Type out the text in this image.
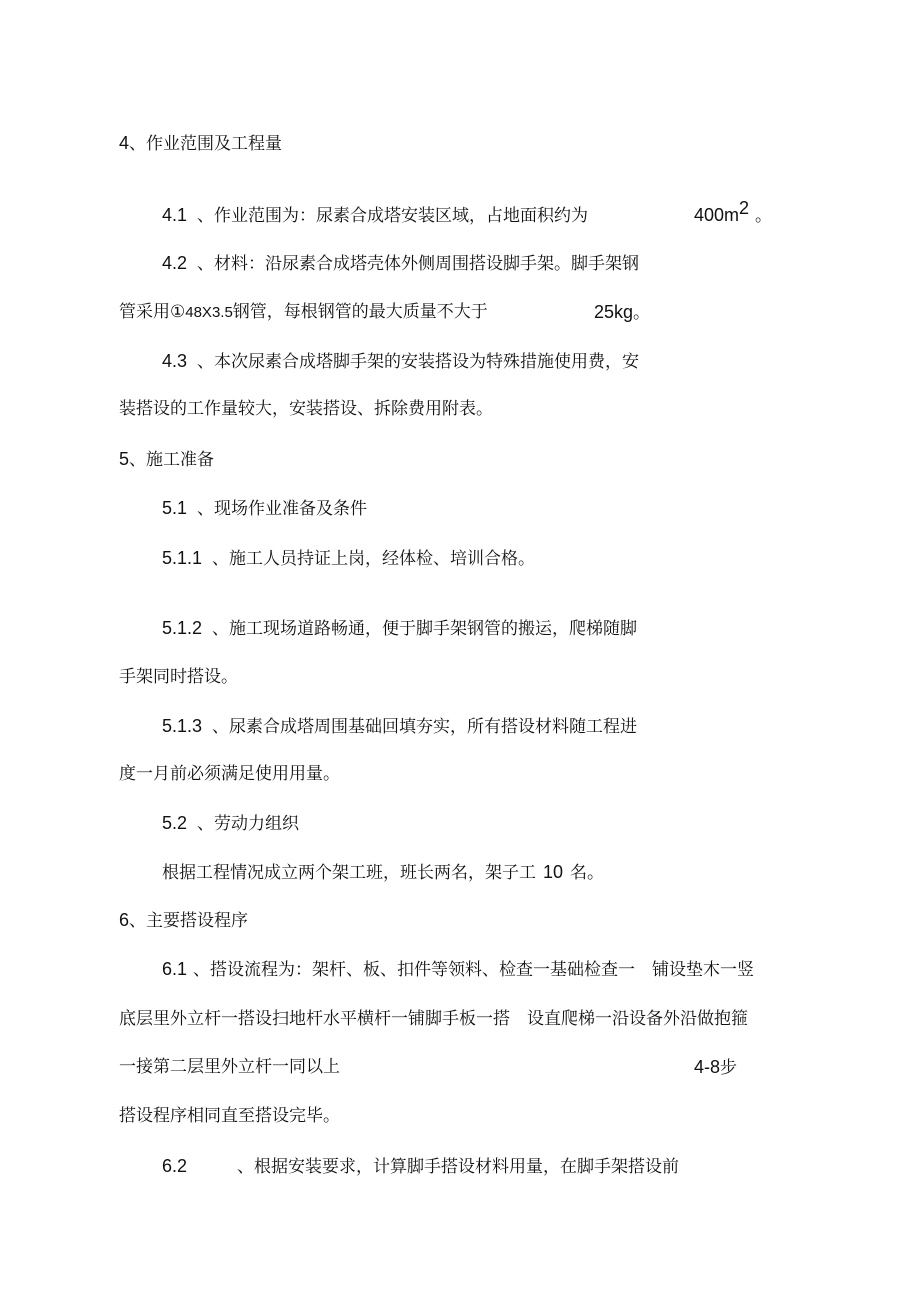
4、作业范围及工程量
4.1 、作业范围为：尿素合成塔安装区域，占地面积约为	$400m^2$ 。
4.2 、材料：沿尿素合成塔壳体外侧周围搭设脚手架。脚手架钢
管采用①48X3.5钢管，每根钢管的最大质量不大于	25kg。
4.3 、本次尿素合成塔脚手架的安装搭设为特殊措施使用费，安
装搭设的工作量较大，安装搭设、拆除费用附表。
5、施工准备
5.1 、现场作业准备及条件
5.1.1 、施工人员持证上岗，经体检、培训合格。
5.1.2 、施工现场道路畅通，便于脚手架钢管的搬运，爬梯随脚
手架同时搭设。
5.1.3 、尿素合成塔周围基础回填夯实，所有搭设材料随工程进
度一月前必须满足使用用量。
5.2 、劳动力组织
根据工程情况成立两个架工班，班长两名，架子工 10 名。
6、主要搭设程序
6.1 、搭设流程为：架杆、板、扣件等领料、检查一基础检查一 铺设垫木一竖
底层里外立杆一搭设扫地杆水平横杆一铺脚手板一搭 设直爬梯一沿设备外沿做抱箍
一接第二层里外立杆一同以上	4-8步
搭设程序相同直至搭设完毕。
6.2	、根据安装要求，计算脚手搭设材料用量，在脚手架搭设前
